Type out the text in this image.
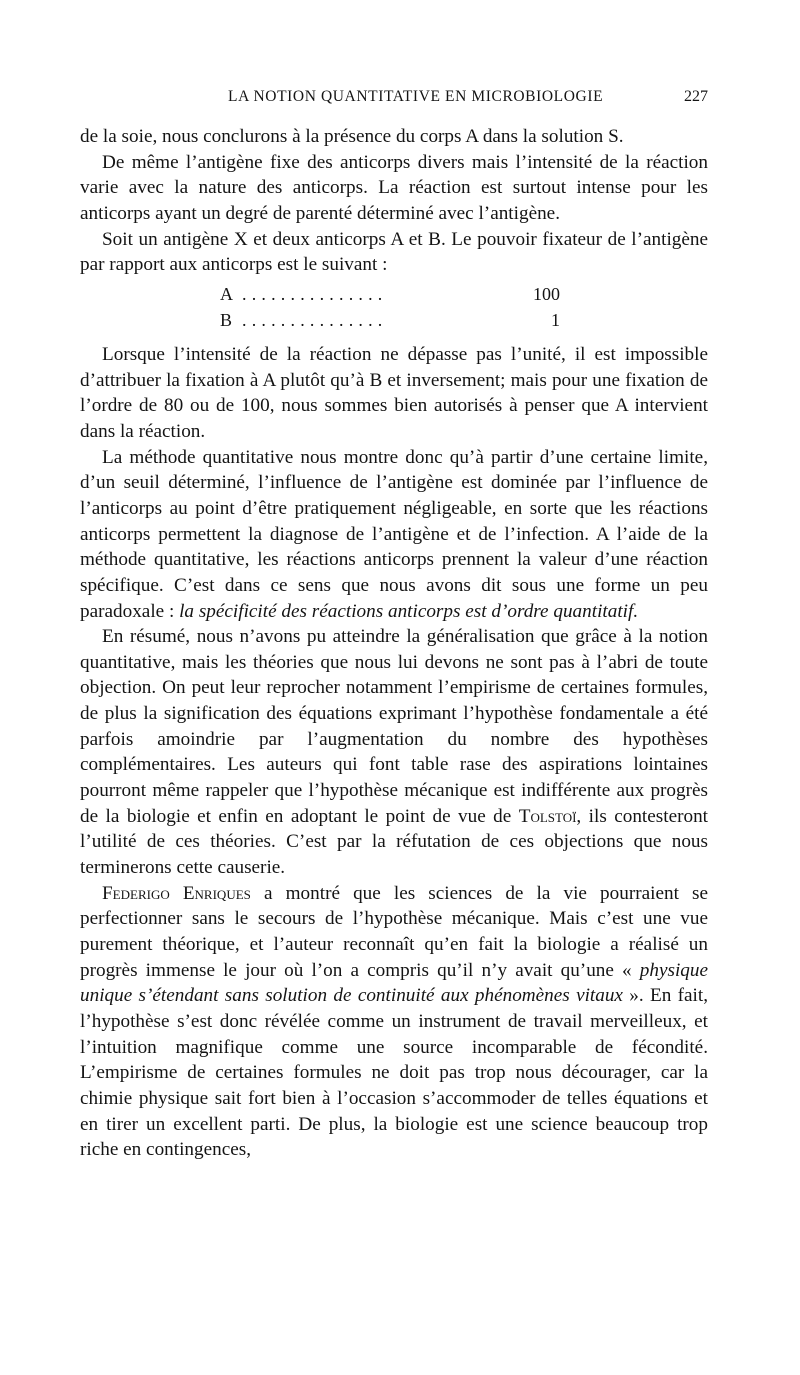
LA NOTION QUANTITATIVE EN MICROBIOLOGIE	227

de la soie, nous conclurons à la présence du corps A dans la solution S.

De même l’antigène fixe des anticorps divers mais l’intensité de la réaction varie avec la nature des anticorps. La réaction est surtout intense pour les anticorps ayant un degré de parenté déterminé avec l’antigène.

Soit un antigène X et deux anticorps A et B. Le pouvoir fixateur de l’antigène par rapport aux anticorps est le suivant :

A ...............	100
B ...............	1

Lorsque l’intensité de la réaction ne dépasse pas l’unité, il est impossible d’attribuer la fixation à A plutôt qu’à B et inversement; mais pour une fixation de l’ordre de 80 ou de 100, nous sommes bien autorisés à penser que A intervient dans la réaction.

La méthode quantitative nous montre donc qu’à partir d’une certaine limite, d’un seuil déterminé, l’influence de l’antigène est dominée par l’influence de l’anticorps au point d’être pratiquement négligeable, en sorte que les réactions anticorps permettent la diagnose de l’antigène et de l’infection. A l’aide de la méthode quantitative, les réactions anticorps prennent la valeur d’une réaction spécifique. C’est dans ce sens que nous avons dit sous une forme un peu paradoxale : la spécificité des réactions anticorps est d’ordre quantitatif.

En résumé, nous n’avons pu atteindre la généralisation que grâce à la notion quantitative, mais les théories que nous lui devons ne sont pas à l’abri de toute objection. On peut leur reprocher notamment l’empirisme de certaines formules, de plus la signification des équations exprimant l’hypothèse fondamentale a été parfois amoindrie par l’augmentation du nombre des hypothèses complémentaires. Les auteurs qui font table rase des aspirations lointaines pourront même rappeler que l’hypothèse mécanique est indifférente aux progrès de la biologie et enfin en adoptant le point de vue de Tolstoï, ils contesteront l’utilité de ces théories. C’est par la réfutation de ces objections que nous terminerons cette causerie.

Federigo Enriques a montré que les sciences de la vie pourraient se perfectionner sans le secours de l’hypothèse mécanique. Mais c’est une vue purement théorique, et l’auteur reconnaît qu’en fait la biologie a réalisé un progrès immense le jour où l’on a compris qu’il n’y avait qu’une « physique unique s’étendant sans solution de continuité aux phénomènes vitaux ». En fait, l’hypothèse s’est donc révélée comme un instrument de travail merveilleux, et l’intuition magnifique comme une source incomparable de fécondité. L’empirisme de certaines formules ne doit pas trop nous décourager, car la chimie physique sait fort bien à l’occasion s’accommoder de telles équations et en tirer un excellent parti. De plus, la biologie est une science beaucoup trop riche en contingences,
